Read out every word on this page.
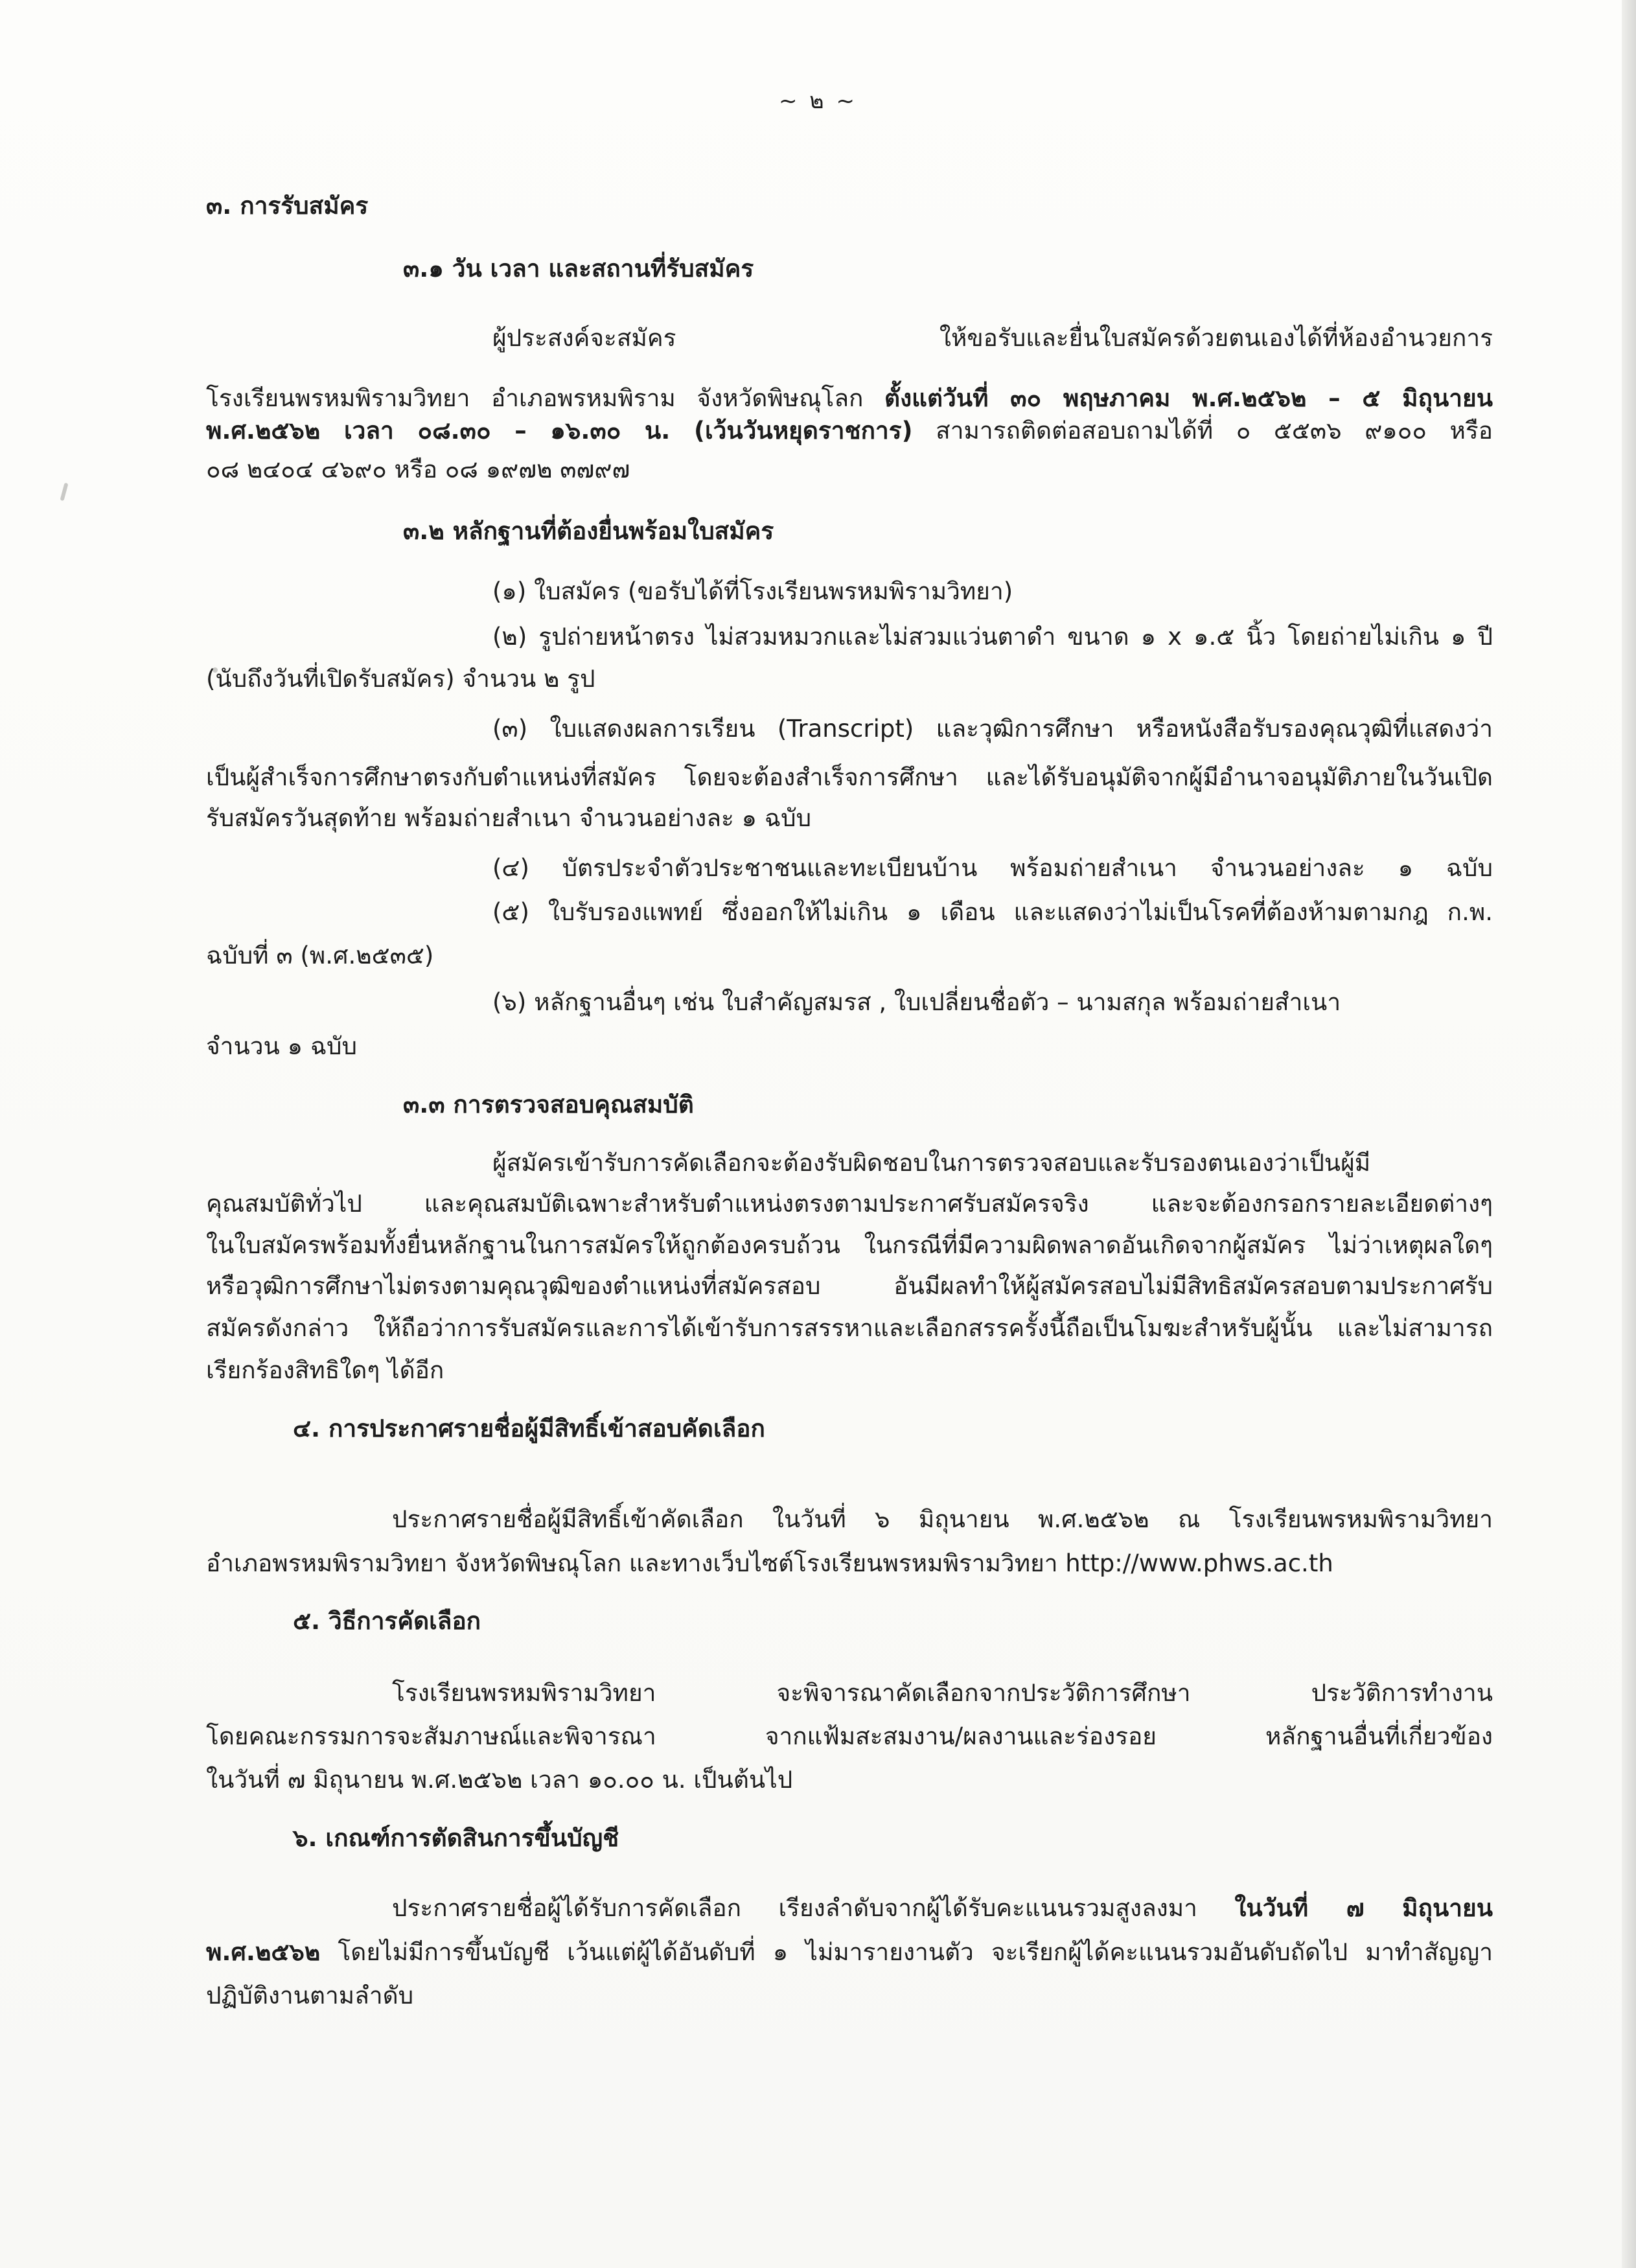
~ ๒ ~
๓. การรับสมัคร
๓.๑ วัน เวลา และสถานที่รับสมัคร
ผู้ประสงค์จะสมัคร ให้ขอรับและยื่นใบสมัครด้วยตนเองได้ที่ห้องอำนวยการ
โรงเรียนพรหมพิรามวิทยา อำเภอพรหมพิราม จังหวัดพิษณุโลก ตั้งแต่วันที่ ๓๐ พฤษภาคม พ.ศ.๒๕๖๒ – ๕ มิถุนายน
พ.ศ.๒๕๖๒ เวลา ๐๘.๓๐ – ๑๖.๓๐ น. (เว้นวันหยุดราชการ) สามารถติดต่อสอบถามได้ที่ ๐ ๕๕๓๖ ๙๑๐๐ หรือ
๐๘ ๒๔๐๔ ๔๖๙๐ หรือ ๐๘ ๑๙๗๒ ๓๗๙๗
๓.๒ หลักฐานที่ต้องยื่นพร้อมใบสมัคร
(๑) ใบสมัคร (ขอรับได้ที่โรงเรียนพรหมพิรามวิทยา)
(๒) รูปถ่ายหน้าตรง ไม่สวมหมวกและไม่สวมแว่นตาดำ ขนาด ๑ x ๑.๕ นิ้ว โดยถ่ายไม่เกิน ๑ ปี
(นับถึงวันที่เปิดรับสมัคร) จำนวน ๒ รูป
(๓) ใบแสดงผลการเรียน (Transcript) และวุฒิการศึกษา หรือหนังสือรับรองคุณวุฒิที่แสดงว่า
เป็นผู้สำเร็จการศึกษาตรงกับตำแหน่งที่สมัคร โดยจะต้องสำเร็จการศึกษา และได้รับอนุมัติจากผู้มีอำนาจอนุมัติภายในวันเปิด
รับสมัครวันสุดท้าย พร้อมถ่ายสำเนา จำนวนอย่างละ ๑ ฉบับ
(๔) บัตรประจำตัวประชาชนและทะเบียนบ้าน พร้อมถ่ายสำเนา จำนวนอย่างละ ๑ ฉบับ
(๕) ใบรับรองแพทย์ ซึ่งออกให้ไม่เกิน ๑ เดือน และแสดงว่าไม่เป็นโรคที่ต้องห้ามตามกฎ ก.พ.
ฉบับที่ ๓ (พ.ศ.๒๕๓๕)
(๖) หลักฐานอื่นๆ เช่น ใบสำคัญสมรส , ใบเปลี่ยนชื่อตัว – นามสกุล พร้อมถ่ายสำเนา
จำนวน ๑ ฉบับ
๓.๓ การตรวจสอบคุณสมบัติ
ผู้สมัครเข้ารับการคัดเลือกจะต้องรับผิดชอบในการตรวจสอบและรับรองตนเองว่าเป็นผู้มี
คุณสมบัติทั่วไป และคุณสมบัติเฉพาะสำหรับตำแหน่งตรงตามประกาศรับสมัครจริง และจะต้องกรอกรายละเอียดต่างๆ
ในใบสมัครพร้อมทั้งยื่นหลักฐานในการสมัครให้ถูกต้องครบถ้วน ในกรณีที่มีความผิดพลาดอันเกิดจากผู้สมัคร ไม่ว่าเหตุผลใดๆ
หรือวุฒิการศึกษาไม่ตรงตามคุณวุฒิของตำแหน่งที่สมัครสอบ อันมีผลทำให้ผู้สมัครสอบไม่มีสิทธิสมัครสอบตามประกาศรับ
สมัครดังกล่าว ให้ถือว่าการรับสมัครและการได้เข้ารับการสรรหาและเลือกสรรครั้งนี้ถือเป็นโมฆะสำหรับผู้นั้น และไม่สามารถ
เรียกร้องสิทธิใดๆ ได้อีก
๔. การประกาศรายชื่อผู้มีสิทธิ์เข้าสอบคัดเลือก
ประกาศรายชื่อผู้มีสิทธิ์เข้าคัดเลือก ในวันที่ ๖ มิถุนายน พ.ศ.๒๕๖๒ ณ โรงเรียนพรหมพิรามวิทยา
อำเภอพรหมพิรามวิทยา จังหวัดพิษณุโลก และทางเว็บไซต์โรงเรียนพรหมพิรามวิทยา http://www.phws.ac.th
๕. วิธีการคัดเลือก
โรงเรียนพรหมพิรามวิทยา จะพิจารณาคัดเลือกจากประวัติการศึกษา ประวัติการทำงาน
โดยคณะกรรมการจะสัมภาษณ์และพิจารณา จากแฟ้มสะสมงาน/ผลงานและร่องรอย หลักฐานอื่นที่เกี่ยวข้อง
ในวันที่ ๗ มิถุนายน พ.ศ.๒๕๖๒ เวลา ๑๐.๐๐ น. เป็นต้นไป
๖. เกณฑ์การตัดสินการขึ้นบัญชี
ประกาศรายชื่อผู้ได้รับการคัดเลือก เรียงลำดับจากผู้ได้รับคะแนนรวมสูงลงมา ในวันที่ ๗ มิถุนายน
พ.ศ.๒๕๖๒ โดยไม่มีการขึ้นบัญชี เว้นแต่ผู้ได้อันดับที่ ๑ ไม่มารายงานตัว จะเรียกผู้ได้คะแนนรวมอันดับถัดไป มาทำสัญญา
ปฏิบัติงานตามลำดับ
